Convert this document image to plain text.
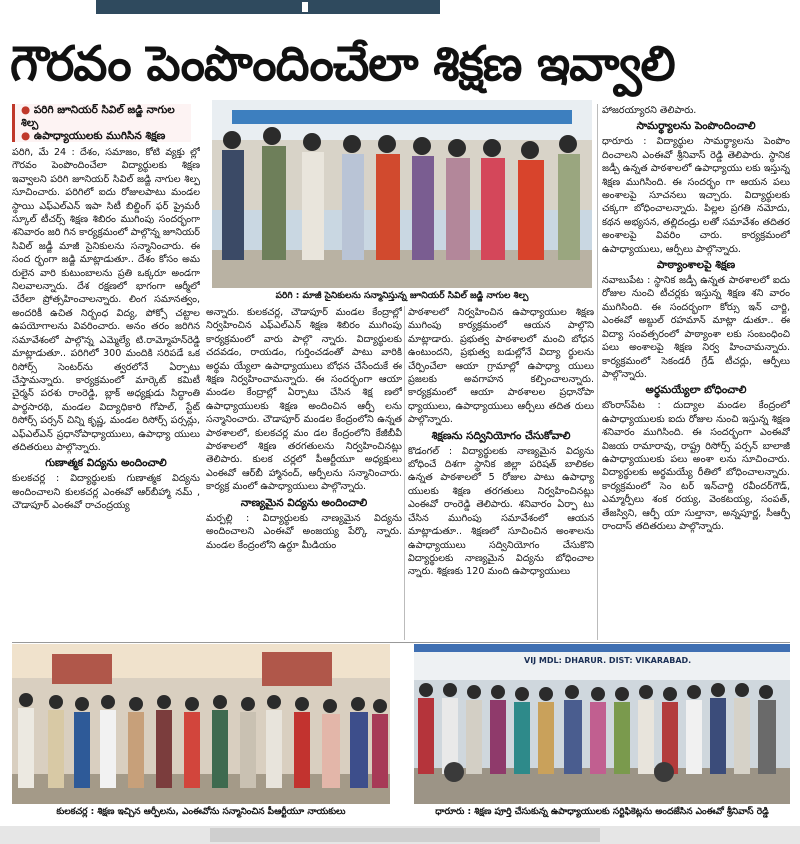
గౌరవం పెంపొందించేలా శిక్షణ ఇవ్వాలి
● పరిగి జూనియర్ సివిల్ జడ్జి నాగుల శిల్ప
● ఉపాధ్యాయులకు ముగిసిన శిక్షణ

పరిగి, మే 24 : దేశం, సమాజం, కోటి వ్యక్తు ల్లో గౌరవం పెంపొందించేలా విద్యార్థులకు శిక్షణ ఇవ్వాలని పరిగి జూనియర్ సివిల్ జడ్జి నాగుల శిల్ప సూచించారు. పరిగిలో ఐదు రోజులపాటు మండల స్థాయి ఎఫ్‌ఎల్‌ఎన్ ఇపా సిటీ బిల్డింగ్ ఫర్ ప్రైమరీ స్కూల్ టీచర్స్ శిక్షణ శిబిరం ముగింపు సందర్భంగా శనివారం జరి గిన కార్యక్రమంలో పాల్గొన్న జూనియర్ సివిల్ జడ్జీ మాజీ సైనికులను సన్మానించారు. ఈ సంద ర్భంగా జడ్జి మాట్లాడుతూ.. దేశం కోసం అమ రులైన వారి కుటుంబాలను ప్రతి ఒక్కరూ అండగా నిలవాలన్నారు. దేశ రక్షణలో భాగంగా ఆర్మీలో చేరేలా ప్రోత్సహించాలన్నారు. లింగ సమానత్వం, అందరికీ ఉచిత నిర్బంధ విద్య, పోక్సో చట్టాల ఉపయోగాలను వివరించారు. అనం తరం జరిగిన సమావేశంలో పాల్గొన్న ఎమ్మెల్యే టి.రామ్మోహన్‌రెడ్డి మాట్లాడుతూ.. పరిగిలో 300 మందికి సరిపడే ఒక రిసోర్స్ సెంటర్‌ను త్వరలోనే ఏర్పాటు చేస్తామన్నారు. కార్యక్రమంలో మార్కెట్ కమిటీ చైర్మన్ పరశు రాంరెడ్డి, బ్లాక్ అధ్యక్షుడు సిద్ధాంతి పార్థసారథి, మండల విద్యాధికారి గోపాల్, స్టేట్ రిసోర్స్ పర్సన్ చిన్ని కృష్ణ, మండల రిసోర్స్ పర్సన్లు, ఎఫ్‌ఎల్‌ఎన్ ప్రధానోపాధ్యాయులు, ఉపాధ్యా యులు తదితరులు పాల్గొన్నారు.

గుణాత్మక విద్యను అందించాలి

కులకచర్ల : విద్యార్థులకు గుణాత్మక విద్యను అందించాలని కులకచర్ల ఎంఈవో ఆర్‌బీహ్మా నమ్ , చౌడాపూర్ ఎంఈవో రాచంద్రయ్య

పరిగి : మాజీ సైనికులను సన్మానిస్తున్న జూనియర్ సివిల్ జడ్జి నాగుల శిల్ప

అన్నారు. కులకచర్ల, చౌడాపూర్ మండల కేంద్రాల్లో నిర్వహించిన ఎఫ్‌ఎల్‌ఎన్ శిక్షణ శిబిరం ముగింపు కార్యక్రమంలో వారు పాల్గొ న్నారు. విద్యార్థులకు చదవడం, రాయడం, గుర్తించడంతో పాటు వారికి అర్థమ య్యేలా ఉపాధ్యాయులు బోధన చేసేందుకే ఈ శిక్షణ నిర్వహించామన్నారు. ఈ సందర్భంగా ఆయా మండల కేంద్రాల్లో ఏర్పాటు చేసిన శిక్ష ణలో ఉపాధ్యాయులకు శిక్షణ అందించిన ఆర్పీ లను సన్మానించారు. చౌడాపూర్ మండల కేంద్రంలోని ఉన్నత పాఠశాలలో, కులకచర్ల మం డల కేంద్రంలోని కేజీబీవీ పాఠశాలలో శిక్షణ తరగతులను నిర్వహించినట్లు తెలిపారు. కులక చర్లలో పీఆర్టీయూ అధ్యక్షులు ఎంఈవో ఆర్‌బీ హ్మానంద్, ఆర్పీలను సన్మానించారు. కార్యక్ర మంలో ఉపాధ్యాయులు పాల్గొన్నారు.

నాణ్యమైన విద్యను అందించాలి

మర్పల్లి : విద్యార్థులకు నాణ్యమైన విద్యను అందించాలని ఎంఈవో అంజయ్య పేర్కొ న్నారు. మండల కేంద్రంలోని ఉర్దూ మీడియం

పాఠశాలలో నిర్వహించిన ఉపాధ్యాయుల శిక్షణ ముగింపు కార్యక్రమంలో ఆయన పాల్గొని మాట్లాడారు. ప్రభుత్వ పాఠశాలలో మంచి బోధన ఉంటుందని, ప్రభుత్వ బడుల్లోనే విద్యా ర్థులను చేర్పించేలా ఆయా గ్రామాల్లో ఉపాధ్యా యులు ప్రజలకు అవగాహన కల్పించాలన్నారు. కార్యక్రమంలో ఆయా పాఠశాలల ప్రధానోపా ధ్యాయులు, ఉపాధ్యాయులు ఆర్పీలు తదిత రులు పాల్గొన్నారు.

శిక్షణను సద్వినియోగం చేసుకోవాలి

కొడంగల్ : విద్యార్థులకు నాణ్యమైన విద్యను బోధించే దిశగా స్థానిక జిల్లా పరిషత్ బాలికల ఉన్నత పాఠశాలలో 5 రోజుల పాటు ఉపాధ్యా యులకు శిక్షణ తరగతులు నిర్వహించినట్లు ఎంఈవో రాంరెడ్డి తెలిపారు. శనివారం ఏర్పా టు చేసిన ముగింపు సమావేశంలో ఆయన మాట్లాడుతూ.. శిక్షణలో సూచించిన అంశాలను ఉపాధ్యాయులు సద్వినియోగం చేసుకొని విద్యార్థులకు నాణ్యమైన విద్యను బోధించాల న్నారు. శిక్షణకు 120 మంది ఉపాధ్యాయులు

హాజరయ్యారని తెలిపారు.

సామర్థ్యాలను పెంపొందించాలి

ధారూరు : విద్యార్థుల సామర్థ్యాలను పెంపొం దించాలని ఎంఈవో శ్రీనివాస్ రెడ్డి తెలిపారు. స్థానిక జడ్పీ ఉన్నత పాఠశాలలో ఉపాధ్యాయు లకు ఇస్తున్న శిక్షణ ముగిసింది. ఈ సందర్భం గా ఆయన పలు అంశాలపై సూచనలు ఇచ్చారు. విద్యార్థులకు చక్కగా బోధించాలన్నారు. పిల్లల ప్రగతి నమోదు, కథన అభ్యసన, తల్లిదండ్రు లతో సమావేశం తదితర అంశాలపై వివరిం చారు. కార్యక్రమంలో ఉపాధ్యాయులు, ఆర్పీలు పాల్గొన్నారు.

పాఠ్యాంశాలపై శిక్షణ

నవాబుపేట : స్థానిక జడ్పీ ఉన్నత పాఠశాలలో ఐదు రోజుల నుంచి టీచర్లకు ఇస్తున్న శిక్షణ శని వారం ముగిసింది. ఈ సందర్భంగా కోర్సు ఇన్ చార్జి, ఎంఈవో అబ్దుల్ రహమాన్ మాట్లా డుతూ.. ఈ విద్యా సంవత్సరంలో పాఠ్యాంశా లకు సంబంధించి పలు అంశాలపై శిక్షణ నిర్వ హించామన్నారు. కార్యక్రమంలో సెకండరీ గ్రేడ్ టీచర్లు, ఆర్పీలు పాల్గొన్నారు.

అర్థమయ్యేలా బోధించాలి

బొంరాస్‌పేట : దుద్యాల మండల కేంద్రంలో ఉపాధ్యాయులకు ఐదు రోజుల నుంచి ఇస్తున్న శిక్షణ శనివారం ముగిసింది. ఈ సందర్భంగా ఎంఈవో విజయ రామారావు, రాష్ట్ర రిసోర్స్ పర్సన్ బాలాజీ ఉపాధ్యాయులకు పలు అంశా లను సూచించారు. విద్యార్థులకు అర్థమయ్యే రీతిలో బోధించాలన్నారు. కార్యక్రమంలో సెం టర్ ఇన్‌చార్జి రవీందర్‌గౌడ్, ఎమ్మార్పీలు శంక రయ్య, వెంకటయ్య, సంపత్, తేజస్విని, ఆర్పీ యా సుల్తానా, అన్నపూర్ణ, సీఆర్పీ రాందాస్ తదితరులు పాల్గొన్నారు.

కులకచర్ల : శిక్షణ ఇచ్చిన ఆర్పీలను, ఎంఈవోను సన్మానించిన పీఆర్టీయూ నాయకులు
VIJ MDL: DHARUR. DIST: VIKARABAD.
ధారూరు : శిక్షణ పూర్తి చేసుకున్న ఉపాధ్యాయులకు సర్టిఫికెట్లను అందజేసిన ఎంఈవో శ్రీనివాస్ రెడ్డి
